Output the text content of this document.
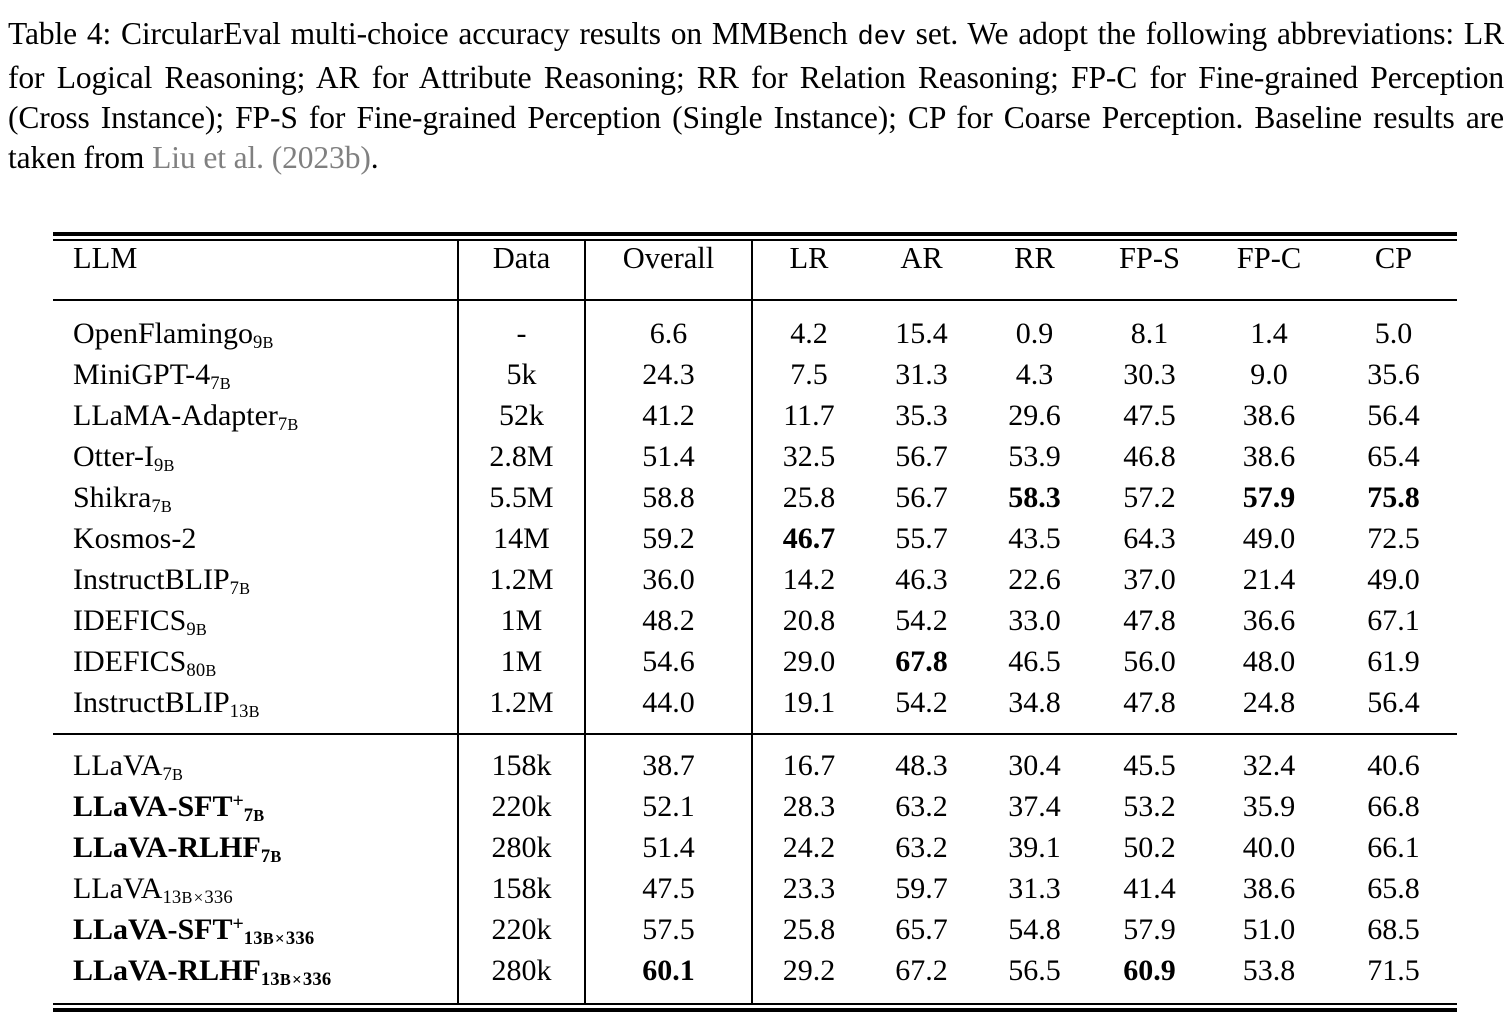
Table 4: CircularEval multi-choice accuracy results on MMBench dev set. We adopt the following abbreviations: LR for Logical Reasoning; AR for Attribute Reasoning; RR for Relation Reasoning; FP-C for Fine-grained Perception (Cross Instance); FP-S for Fine-grained Perception (Single Instance); CP for Coarse Perception. Baseline results are taken from Liu et al. (2023b).
LLM	Data	Overall	LR	AR	RR	FP-S	FP-C	CP

OpenFlamingo$_{9B}$	-	6.6	4.2	15.4	0.9	8.1	1.4	5.0
MiniGPT-$4_{7B}$	5k	24.3	7.5	31.3	4.3	30.3	9.0	35.6
LLaMA-Adapter$_{7B}$	52k	41.2	11.7	35.3	29.6	47.5	38.6	56.4
Otter-$I_{9B}$	2.8M	51.4	32.5	56.7	53.9	46.8	38.6	65.4
Shikra$_{7B}$	5.5M	58.8	25.8	56.7	58.3	57.2	57.9	75.8
Kosmos-2	14M	59.2	46.7	55.7	43.5	64.3	49.0	72.5
InstructBLIP$_{7B}$	1.2M	36.0	14.2	46.3	22.6	37.0	21.4	49.0
$IDEFICS_{9B}$	1M	48.2	20.8	54.2	33.0	47.8	36.6	67.1
$IDEFICS_{80B}$	1M	54.6	29.0	67.8	46.5	56.0	48.0	61.9
InstructBLIP$_{13B}$	1.2M	44.0	19.1	54.2	34.8	47.8	24.8	56.4

LLaVA$_{7B}$	158k	38.7	16.7	48.3	30.4	45.5	32.4	40.6
LLaVA-$SFT^+_{7B}$	220k	52.1	28.3	63.2	37.4	53.2	35.9	66.8
LLaVA-$RLHF_{7B}$	280k	51.4	24.2	63.2	39.1	50.2	40.0	66.1
LLaVA$_{13B\times 336}$	158k	47.5	23.3	59.7	31.3	41.4	38.6	65.8
LLaVA-$SFT^+_{13B\times 336}$	220k	57.5	25.8	65.7	54.8	57.9	51.0	68.5
LLaVA-$RLHF_{13B\times 336}$	280k	60.1	29.2	67.2	56.5	60.9	53.8	71.5
